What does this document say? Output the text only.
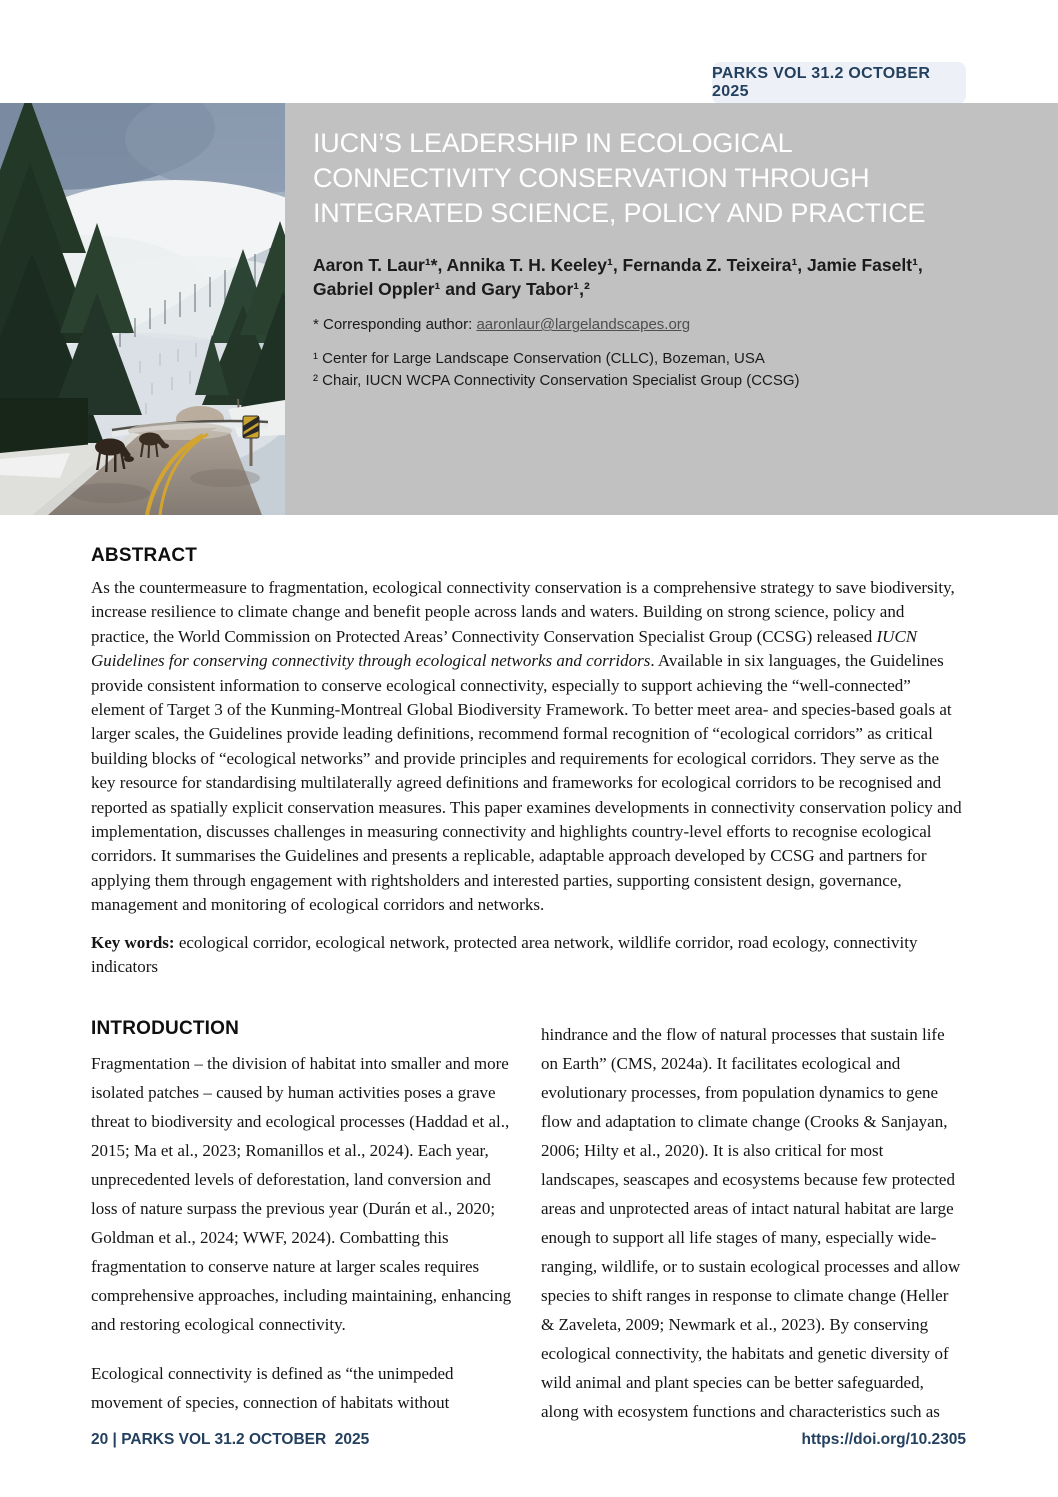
PARKS VOL 31.2 OCTOBER 2025
IUCN’S LEADERSHIP IN ECOLOGICAL CONNECTIVITY CONSERVATION THROUGH INTEGRATED SCIENCE, POLICY AND PRACTICE
Aaron T. Laur¹*, Annika T. H. Keeley¹, Fernanda Z. Teixeira¹, Jamie Faselt¹, Gabriel Oppler¹ and Gary Tabor¹,²
* Corresponding author: aaronlaur@largelandscapes.org
¹ Center for Large Landscape Conservation (CLLC), Bozeman, USA
² Chair, IUCN WCPA Connectivity Conservation Specialist Group (CCSG)
ABSTRACT

As the countermeasure to fragmentation, ecological connectivity conservation is a comprehensive strategy to save biodiversity, increase resilience to climate change and benefit people across lands and waters. Building on strong science, policy and practice, the World Commission on Protected Areas’ Connectivity Conservation Specialist Group (CCSG) released IUCN Guidelines for conserving connectivity through ecological networks and corridors. Available in six languages, the Guidelines provide consistent information to conserve ecological connectivity, especially to support achieving the “well-connected” element of Target 3 of the Kunming-Montreal Global Biodiversity Framework. To better meet area- and species-based goals at larger scales, the Guidelines provide leading definitions, recommend formal recognition of “ecological corridors” as critical building blocks of “ecological networks” and provide principles and requirements for ecological corridors. They serve as the key resource for standardising multilaterally agreed definitions and frameworks for ecological corridors to be recognised and reported as spatially explicit conservation measures. This paper examines developments in connectivity conservation policy and implementation, discusses challenges in measuring connectivity and highlights country-level efforts to recognise ecological corridors. It summarises the Guidelines and presents a replicable, adaptable approach developed by CCSG and partners for applying them through engagement with rightsholders and interested parties, supporting consistent design, governance, management and monitoring of ecological corridors and networks.

Key words: ecological corridor, ecological network, protected area network, wildlife corridor, road ecology, connectivity indicators

INTRODUCTION

Fragmentation – the division of habitat into smaller and more isolated patches – caused by human activities poses a grave threat to biodiversity and ecological processes (Haddad et al., 2015; Ma et al., 2023; Romanillos et al., 2024). Each year, unprecedented levels of deforestation, land conversion and loss of nature surpass the previous year (Durán et al., 2020; Goldman et al., 2024; WWF, 2024). Combatting this fragmentation to conserve nature at larger scales requires comprehensive approaches, including maintaining, enhancing and restoring ecological connectivity.

Ecological connectivity is defined as “the unimpeded movement of species, connection of habitats without

hindrance and the flow of natural processes that sustain life on Earth” (CMS, 2024a). It facilitates ecological and evolutionary processes, from population dynamics to gene flow and adaptation to climate change (Crooks & Sanjayan, 2006; Hilty et al., 2020). It is also critical for most landscapes, seascapes and ecosystems because few protected areas and unprotected areas of intact natural habitat are large enough to support all life stages of many, especially wide-ranging, wildlife, or to sustain ecological processes and allow species to shift ranges in response to climate change (Heller & Zaveleta, 2009; Newmark et al., 2023). By conserving ecological connectivity, the habitats and genetic diversity of wild animal and plant species can be better safeguarded, along with ecosystem functions and characteristics such as

20 | PARKS VOL 31.2 OCTOBER  2025	https://doi.org/10.2305
